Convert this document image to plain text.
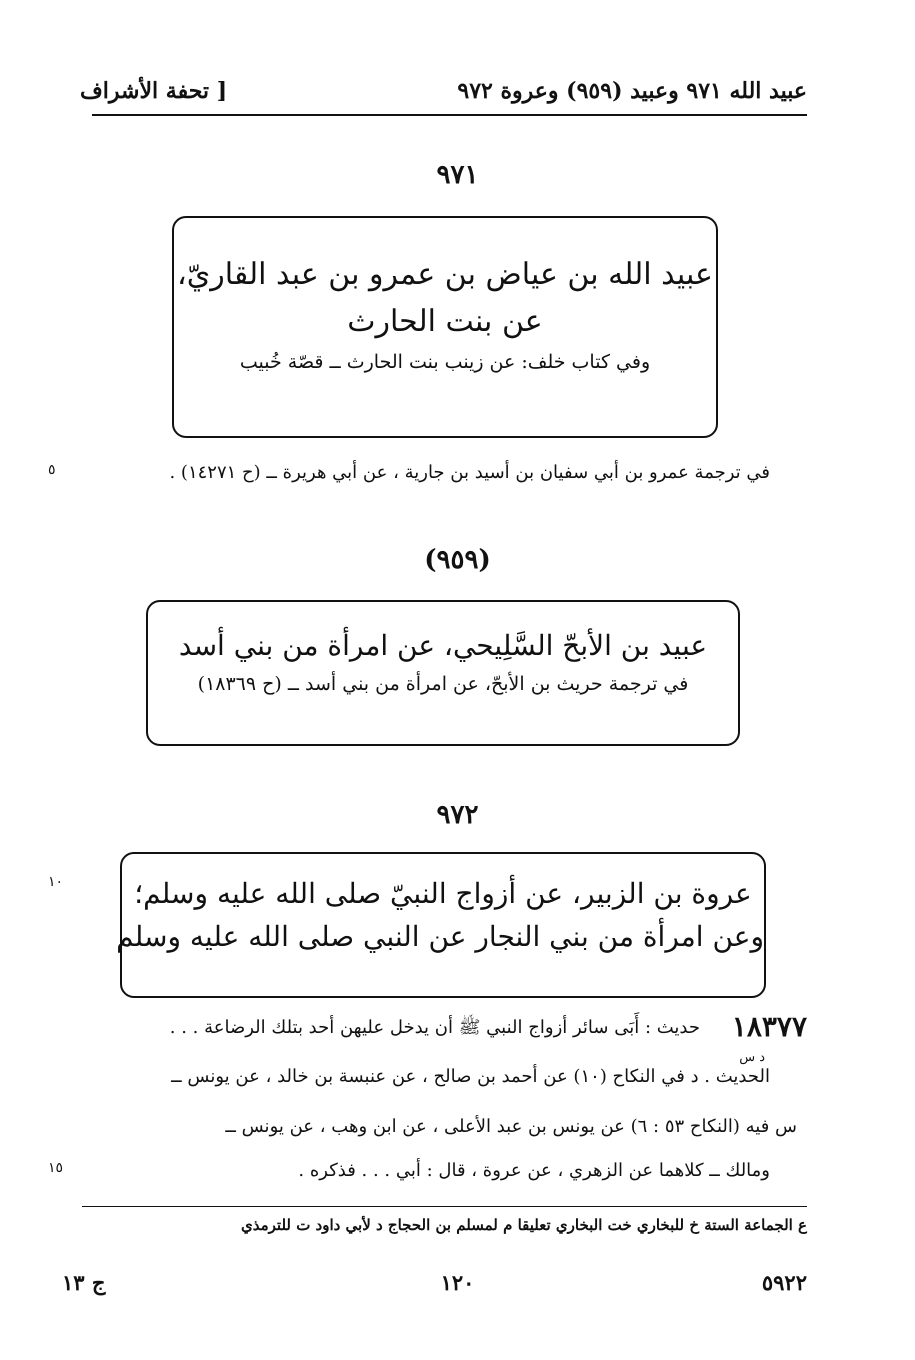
عبيد الله ٩٧١ وعبيد (٩٥٩) وعروة ٩٧٢
[ تحفة الأشراف
٩٧١
عبيد الله بن عياض بن عمرو بن عبد القاريّ،
عن بنت الحارث
وفي كتاب خلف: عن زينب بنت الحارث ــ قصّة خُبيب
في ترجمة عمرو بن أبي سفيان بن أسيد بن جارية ، عن أبي هريرة ــ (ح ١٤٢٧١) .
٥
(٩٥٩)
عبيد بن الأبحّ السَّلِيحي، عن امرأة من بني أسد
في ترجمة حريث بن الأبحّ، عن امرأة من بني أسد ــ (ح ١٨٣٦٩)
٩٧٢
عروة بن الزبير، عن أزواج النبيّ صلى الله عليه وسلم؛
وعن امرأة من بني النجار عن النبي صلى الله عليه وسلم
١٠
١٨٣٧٧
حديث : أَبَى سائر أزواج النبي ﷺ أن يدخل عليهن أحد بتلك الرضاعة . . .
د س
الحديث . د في النكاح (١٠) عن أحمد بن صالح ، عن عنبسة بن خالد ، عن يونس ــ
س فيه (النكاح ٥٣ : ٦) عن يونس بن عبد الأعلى ، عن ابن وهب ، عن يونس ــ
ومالك ــ كلاهما عن الزهري ، عن عروة ، قال : أبي . . . فذكره .
١٥
ع الجماعة الستة خ للبخاري خت البخاري تعليقا م لمسلم بن الحجاج د لأبي داود ت للترمذي
٥٩٢٢
١٢٠
ج ١٣
